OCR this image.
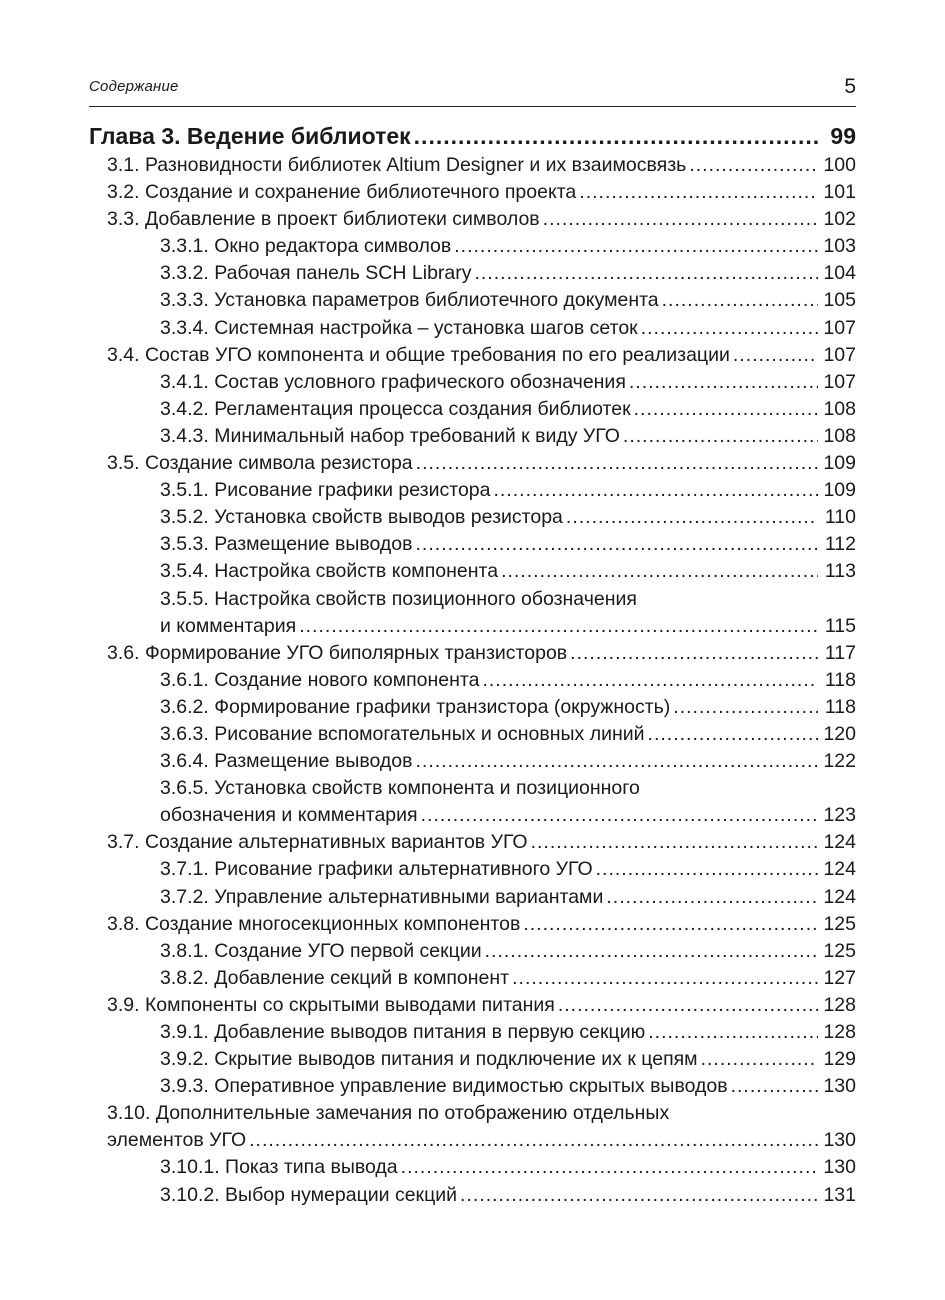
Содержание	5
Глава 3. Ведение библиотек .....	99
3.1. Разновидности библиотек Altium Designer и их взаимосвязь .....	100
3.2. Создание и сохранение библиотечного проекта .....	101
3.3. Добавление в проект библиотеки символов .....	102
3.3.1. Окно редактора символов .....	103
3.3.2. Рабочая панель SCH Library .....	104
3.3.3. Установка параметров библиотечного документа .....	105
3.3.4. Системная настройка – установка шагов сеток .....	107
3.4. Состав УГО компонента и общие требования по его реализации .....	107
3.4.1. Состав условного графического обозначения .....	107
3.4.2. Регламентация процесса создания библиотек .....	108
3.4.3. Минимальный набор требований к виду УГО .....	108
3.5. Создание символа резистора .....	109
3.5.1. Рисование графики резистора .....	109
3.5.2. Установка свойств выводов резистора .....	110
3.5.3. Размещение выводов .....	112
3.5.4. Настройка свойств компонента .....	113
3.5.5. Настройка свойств позиционного обозначения
и комментария .....	115
3.6. Формирование УГО биполярных транзисторов .....	117
3.6.1. Создание нового компонента .....	118
3.6.2. Формирование графики транзистора (окружность) .....	118
3.6.3. Рисование вспомогательных и основных линий .....	120
3.6.4. Размещение выводов .....	122
3.6.5. Установка свойств компонента и позиционного
обозначения и комментария .....	123
3.7. Создание альтернативных вариантов УГО .....	124
3.7.1. Рисование графики альтернативного УГО .....	124
3.7.2. Управление альтернативными вариантами .....	124
3.8. Создание многосекционных компонентов .....	125
3.8.1. Создание УГО первой секции .....	125
3.8.2. Добавление секций в компонент .....	127
3.9. Компоненты со скрытыми выводами питания .....	128
3.9.1. Добавление выводов питания в первую секцию .....	128
3.9.2. Скрытие выводов питания и подключение их к цепям .....	129
3.9.3. Оперативное управление видимостью скрытых выводов .....	130
3.10. Дополнительные замечания по отображению отдельных
элементов УГО .....	130
3.10.1. Показ типа вывода .....	130
3.10.2. Выбор нумерации секций .....	131
